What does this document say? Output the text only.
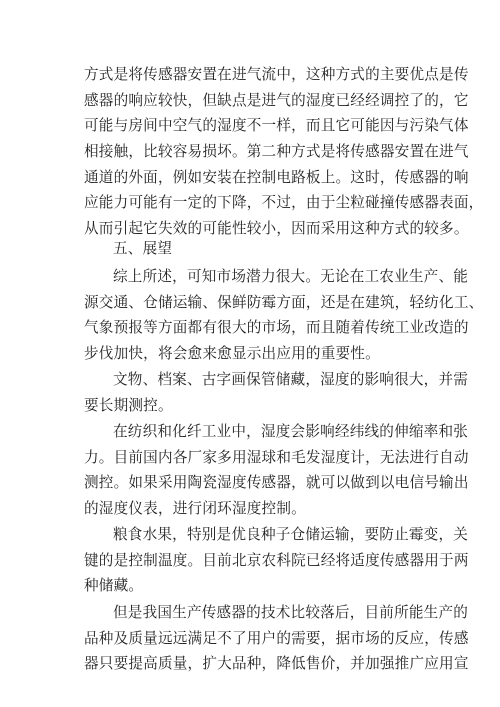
方式是将传感器安置在进气流中，这种方式的主要优点是传
感器的响应较快，但缺点是进气的湿度已经经调控了的，它
可能与房间中空气的湿度不一样，而且它可能因与污染气体
相接触，比较容易损坏。第二种方式是将传感器安置在进气
通道的外面，例如安装在控制电路板上。这时，传感器的响
应能力可能有一定的下降，不过，由于尘粒碰撞传感器表面，
从而引起它失效的可能性较小，因而采用这种方式的较多。
五、展望
综上所述，可知市场潜力很大。无论在工农业生产、能
源交通、仓储运输、保鲜防霉方面，还是在建筑，轻纺化工、
气象预报等方面都有很大的市场，而且随着传统工业改造的
步伐加快，将会愈来愈显示出应用的重要性。
文物、档案、古字画保管储藏，湿度的影响很大，并需
要长期测控。
在纺织和化纤工业中，湿度会影响经纬线的伸缩率和张
力。目前国内各厂家多用湿球和毛发湿度计，无法进行自动
测控。如果采用陶瓷湿度传感器，就可以做到以电信号输出
的湿度仪表，进行闭环湿度控制。
粮食水果，特别是优良种子仓储运输，要防止霉变，关
键的是控制温度。目前北京农科院已经将适度传感器用于两
种储藏。
但是我国生产传感器的技术比较落后，目前所能生产的
品种及质量远远满足不了用户的需要，据市场的反应，传感
器只要提高质量，扩大品种，降低售价，并加强推广应用宣
